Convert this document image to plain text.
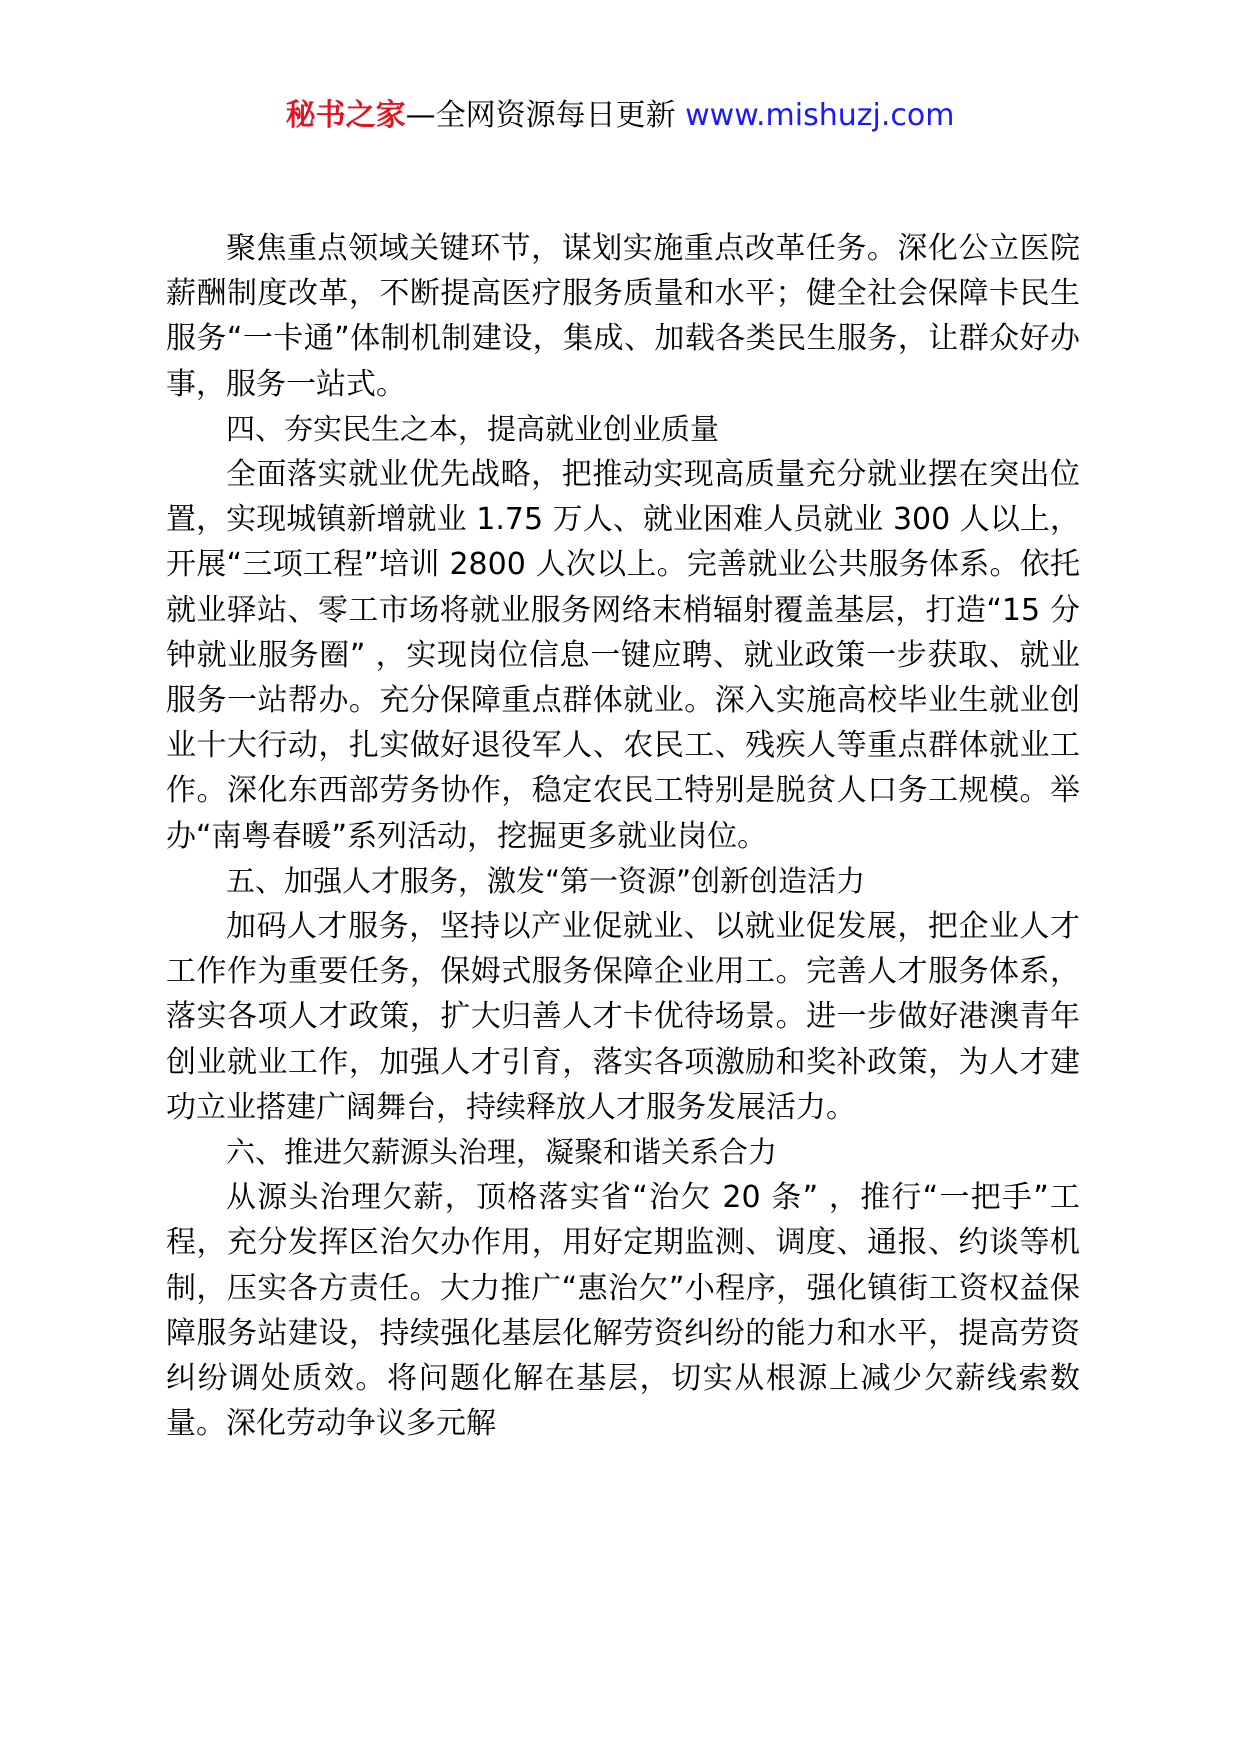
秘书之家—全网资源每日更新 www.mishuzj.com

聚焦重点领域关键环节，谋划实施重点改革任务。深化公立医院薪酬制度改革，不断提高医疗服务质量和水平；健全社会保障卡民生服务“一卡通”体制机制建设，集成、加载各类民生服务，让群众好办事，服务一站式。

四、夯实民生之本，提高就业创业质量

全面落实就业优先战略，把推动实现高质量充分就业摆在突出位置，实现城镇新增就业 1.75 万人、就业困难人员就业 300 人以上，开展“三项工程”培训 2800 人次以上。完善就业公共服务体系。依托就业驿站、零工市场将就业服务网络末梢辐射覆盖基层，打造“15 分钟就业服务圈” ，实现岗位信息一键应聘、就业政策一步获取、就业服务一站帮办。充分保障重点群体就业。深入实施高校毕业生就业创业十大行动，扎实做好退役军人、农民工、残疾人等重点群体就业工作。深化东西部劳务协作，稳定农民工特别是脱贫人口务工规模。举办“南粤春暖”系列活动，挖掘更多就业岗位。

五、加强人才服务，激发“第一资源”创新创造活力

加码人才服务，坚持以产业促就业、以就业促发展，把企业人才工作作为重要任务，保姆式服务保障企业用工。完善人才服务体系，落实各项人才政策，扩大归善人才卡优待场景。进一步做好港澳青年创业就业工作，加强人才引育，落实各项激励和奖补政策，为人才建功立业搭建广阔舞台，持续释放人才服务发展活力。

六、推进欠薪源头治理，凝聚和谐关系合力

从源头治理欠薪，顶格落实省“治欠 20 条” ，推行“一把手”工程，充分发挥区治欠办作用，用好定期监测、调度、通报、约谈等机制，压实各方责任。大力推广“惠治欠”小程序，强化镇街工资权益保障服务站建设，持续强化基层化解劳资纠纷的能力和水平，提高劳资纠纷调处质效。将问题化解在基层，切实从根源上减少欠薪线索数量。深化劳动争议多元解
